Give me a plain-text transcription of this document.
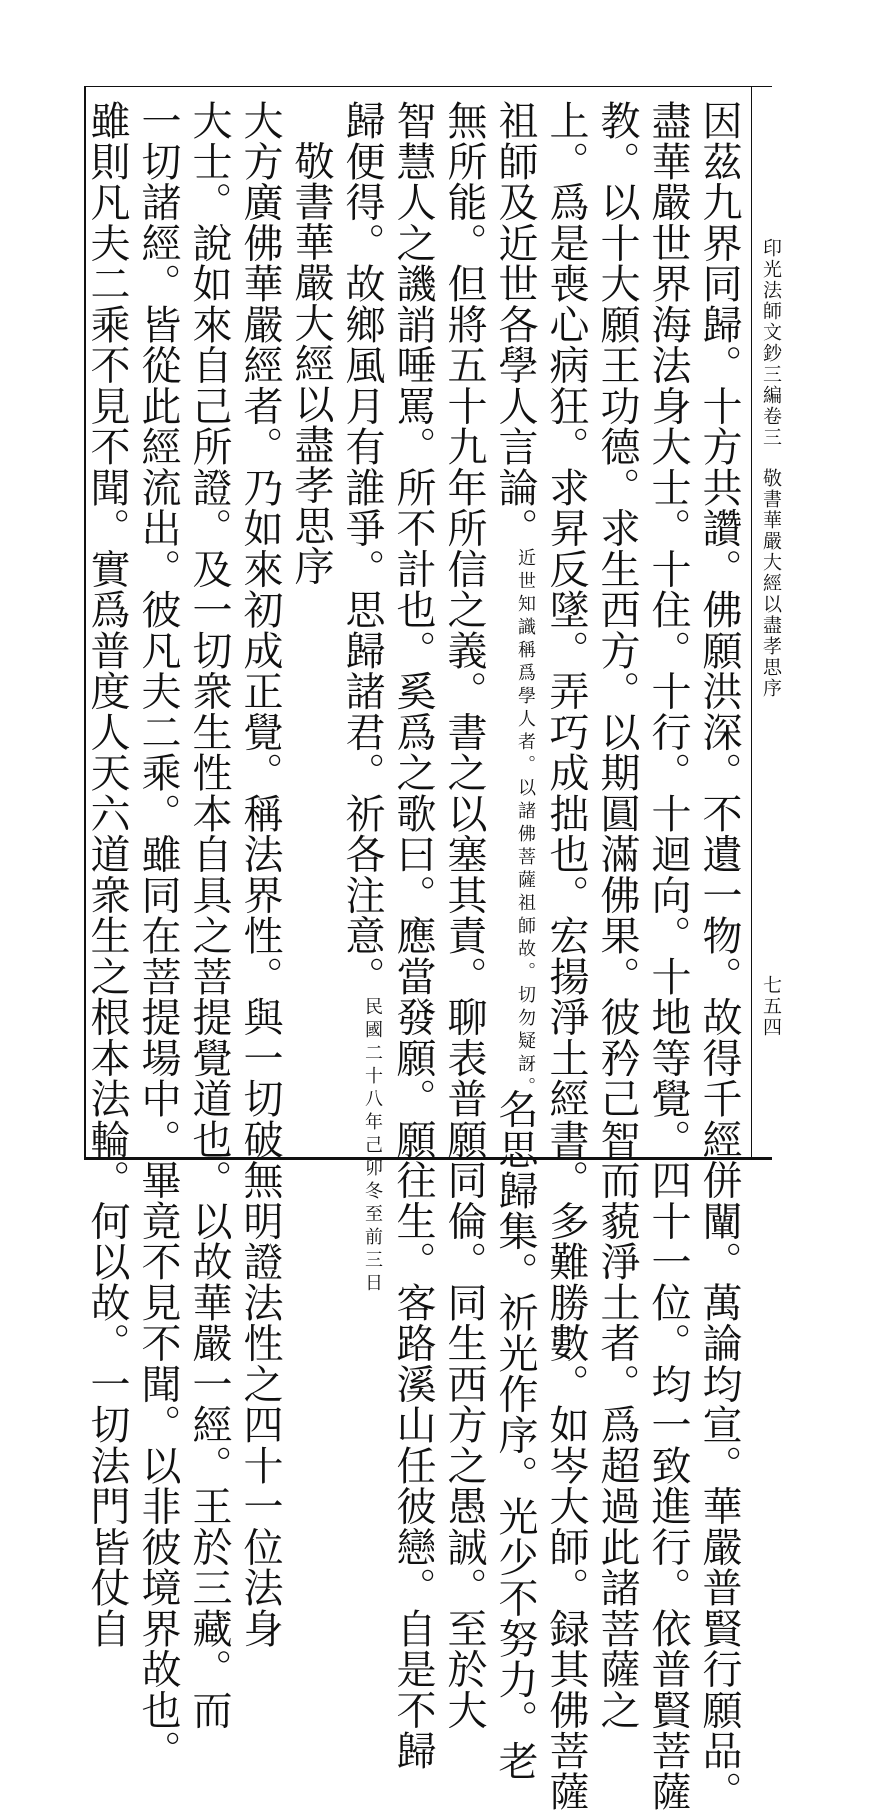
印光法師文鈔三編卷三
敬書華嚴大經以盡孝思序
七五四
因茲九界同歸。十方共讚。佛願洪深。不遺一物。故得千經併闡。萬論均宣。華嚴普賢行願品。
盡華嚴世界海法身大士。十住。十行。十迴向。十地等覺。四十一位。均一致進行。依普賢菩薩
教。以十大願王功德。求生西方。以期圓滿佛果。彼矜己智而藐淨土者。爲超過此諸菩薩之
上。爲是喪心病狂。求昇反墜。弄巧成拙也。宏揚淨土經書。多難勝數。如岑大師。録其佛菩薩
祖師及近世各學人言論。近世知識稱爲學人者。以諸佛菩薩祖師故。切勿疑訝。名思歸集。祈光作序。光少不努力。老
無所能。但將五十九年所信之義。書之以塞其責。聊表普願同倫。同生西方之愚誠。至於大
智慧人之譏誚唾罵。所不計也。奚爲之歌曰。應當發願。願往生。客路溪山任彼戀。自是不歸
歸便得。故鄉風月有誰爭。思歸諸君。祈各注意。民國二十八年己卯冬至前三日
　敬書華嚴大經以盡孝思序
大方廣佛華嚴經者。乃如來初成正覺。稱法界性。與一切破無明證法性之四十一位法身
大士。說如來自己所證。及一切衆生性本自具之菩提覺道也。以故華嚴一經。王於三藏。而
一切諸經。皆從此經流出。彼凡夫二乘。雖同在菩提場中。畢竟不見不聞。以非彼境界故也。
雖則凡夫二乘不見不聞。實爲普度人天六道衆生之根本法輪。何以故。一切法門皆仗自
